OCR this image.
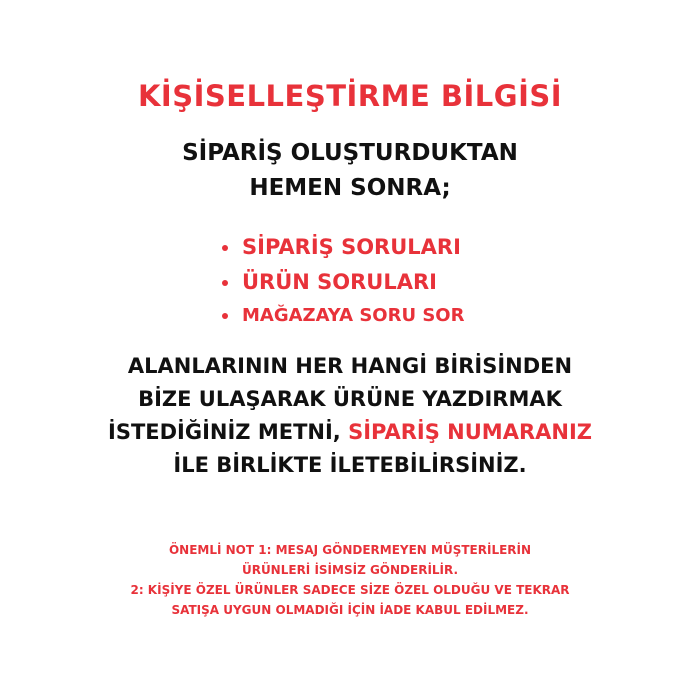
KİŞİSELLEŞTİRME BİLGİSİ
SİPARİŞ OLUŞTURDUKTAN
HEMEN SONRA;
SİPARİŞ SORULARI
ÜRÜN SORULARI
MAĞAZAYA SORU SOR
ALANLARININ HER HANGİ BİRİSİNDEN
BİZE ULAŞARAK ÜRÜNE YAZDIRMAK
İSTEDİĞİNİZ METNİ, SİPARİŞ NUMARANIZ
İLE BİRLİKTE İLETEBİLİRSİNİZ.
ÖNEMLİ NOT 1: MESAJ GÖNDERMEYEN MÜŞTERİLERİN
ÜRÜNLERİ İSİMSİZ GÖNDERİLİR.
2: KİŞİYE ÖZEL ÜRÜNLER SADECE SİZE ÖZEL OLDUĞU VE TEKRAR
SATIŞA UYGUN OLMADIĞI İÇİN İADE KABUL EDİLMEZ.
